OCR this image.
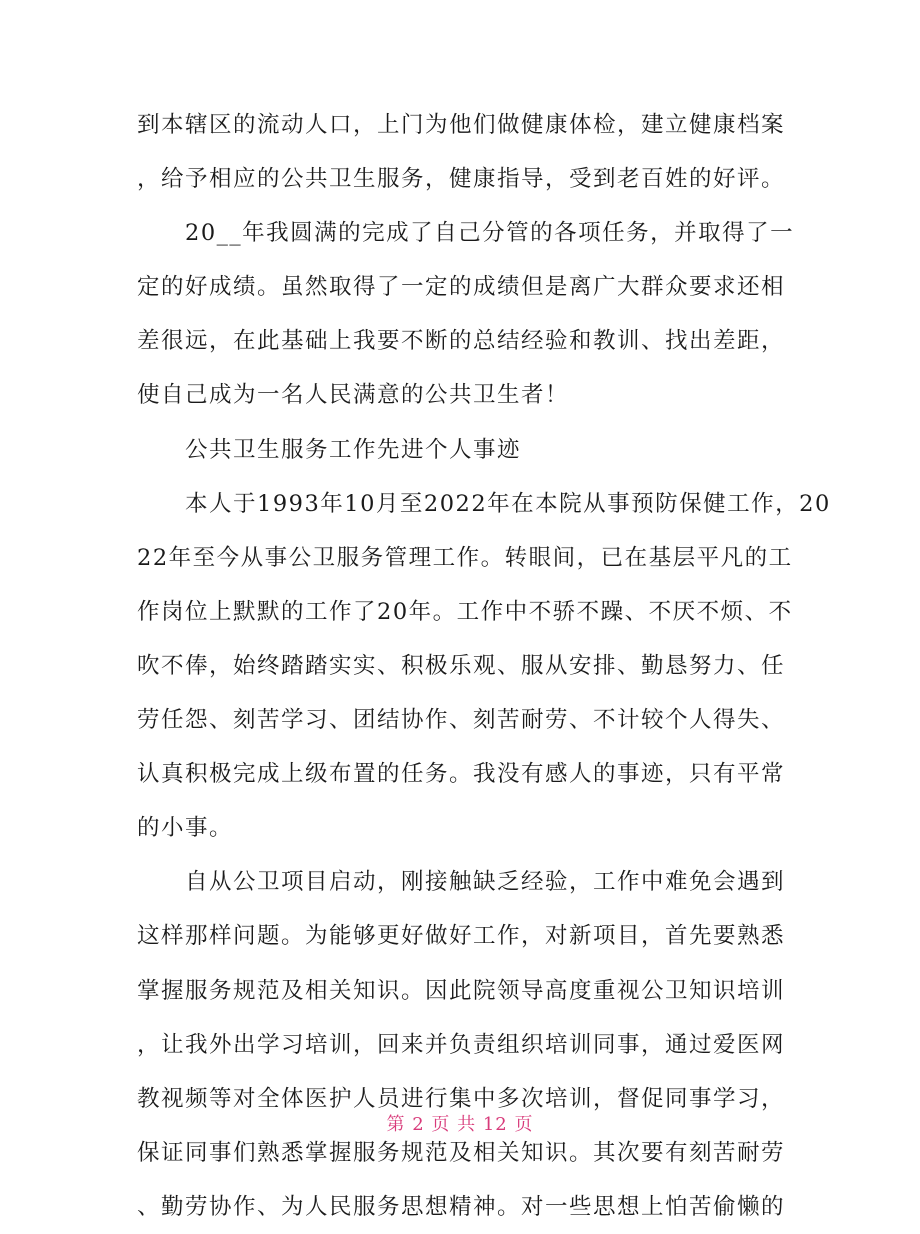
到本辖区的流动人口，上门为他们做健康体检，建立健康档案
，给予相应的公共卫生服务，健康指导，受到老百姓的好评。
　　20__年我圆满的完成了自己分管的各项任务，并取得了一
定的好成绩。虽然取得了一定的成绩但是离广大群众要求还相
差很远，在此基础上我要不断的总结经验和教训、找出差距，
使自己成为一名人民满意的公共卫生者！
　　公共卫生服务工作先进个人事迹
　　本人于1993年10月至2022年在本院从事预防保健工作，20
22年至今从事公卫服务管理工作。转眼间，已在基层平凡的工
作岗位上默默的工作了20年。工作中不骄不躁、不厌不烦、不
吹不俸，始终踏踏实实、积极乐观、服从安排、勤恳努力、任
劳任怨、刻苦学习、团结协作、刻苦耐劳、不计较个人得失、
认真积极完成上级布置的任务。我没有感人的事迹，只有平常
的小事。
　　自从公卫项目启动，刚接触缺乏经验，工作中难免会遇到
这样那样问题。为能够更好做好工作，对新项目，首先要熟悉
掌握服务规范及相关知识。因此院领导高度重视公卫知识培训
，让我外出学习培训，回来并负责组织培训同事，通过爱医网
教视频等对全体医护人员进行集中多次培训，督促同事学习，
保证同事们熟悉掌握服务规范及相关知识。其次要有刻苦耐劳
、勤劳协作、为人民服务思想精神。对一些思想上怕苦偷懒的
第 2 页 共 12 页
